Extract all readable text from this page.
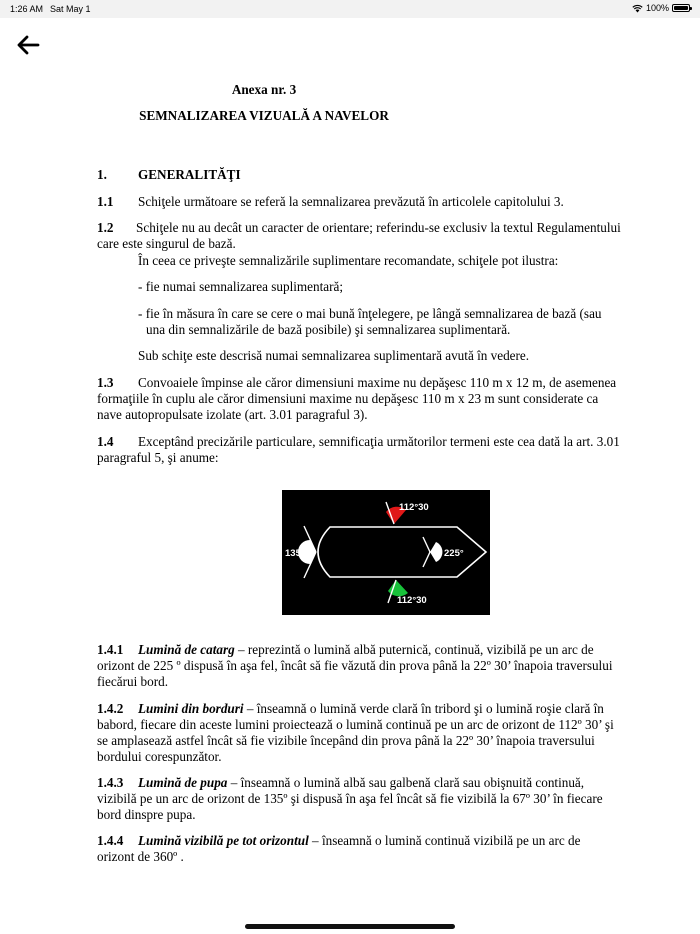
1:26 AM Sat May 1	100%
Anexa nr. 3
SEMNALIZAREA VIZUALĂ A NAVELOR
1. GENERALITĂŢI
1.1 Schiţele următoare se referă la semnalizarea prevăzută în articolele capitolului 3.
1.2 Schiţele nu au decât un caracter de orientare; referindu-se exclusiv la textul Regulamentului
care este singurul de bază.
În ceea ce priveşte semnalizările suplimentare recomandate, schiţele pot ilustra:
- fie numai semnalizarea suplimentară;
- fie în măsura în care se cere o mai bună înţelegere, pe lângă semnalizarea de bază (sau
una din semnalizările de bază posibile) şi semnalizarea suplimentară.
Sub schiţe este descrisă numai semnalizarea suplimentară avută în vedere.
1.3 Convoaiele împinse ale căror dimensiuni maxime nu depăşesc 110 m x 12 m, de asemenea
formaţiile în cuplu ale căror dimensiuni maxime nu depăşesc 110 m x 23 m sunt considerate ca
nave autopropulsate izolate (art. 3.01 paragraful 3).
1.4 Exceptând precizările particulare, semnificaţia următorilor termeni este cea dată la art. 3.01
paragraful 5, şi anume:
1.4.1 Lumină de catarg – reprezintă o lumină albă puternică, continuă, vizibilă pe un arc de
orizont de 225 º dispusă în aşa fel, încât să fie văzută din prova până la 22º 30’ înapoia traversului
fiecărui bord.
1.4.2 Lumini din borduri – înseamnă o lumină verde clară în tribord şi o lumină roşie clară în
babord, fiecare din aceste lumini proiectează o lumină continuă pe un arc de orizont de 112º 30’ şi
se amplasează astfel încât să fie vizibile începând din prova până la 22º 30’ înapoia traversului
bordului corespunzător.
1.4.3 Lumină de pupa – înseamnă o lumină albă sau galbenă clară sau obişnuită continuă,
vizibilă pe un arc de orizont de 135º şi dispusă în aşa fel încât să fie vizibilă la 67º 30’ în fiecare
bord dinspre pupa.
1.4.4 Lumină vizibilă pe tot orizontul – înseamnă o lumină continuă vizibilă pe un arc de
orizont de 360º .
112°30
112°30
135°	225°
